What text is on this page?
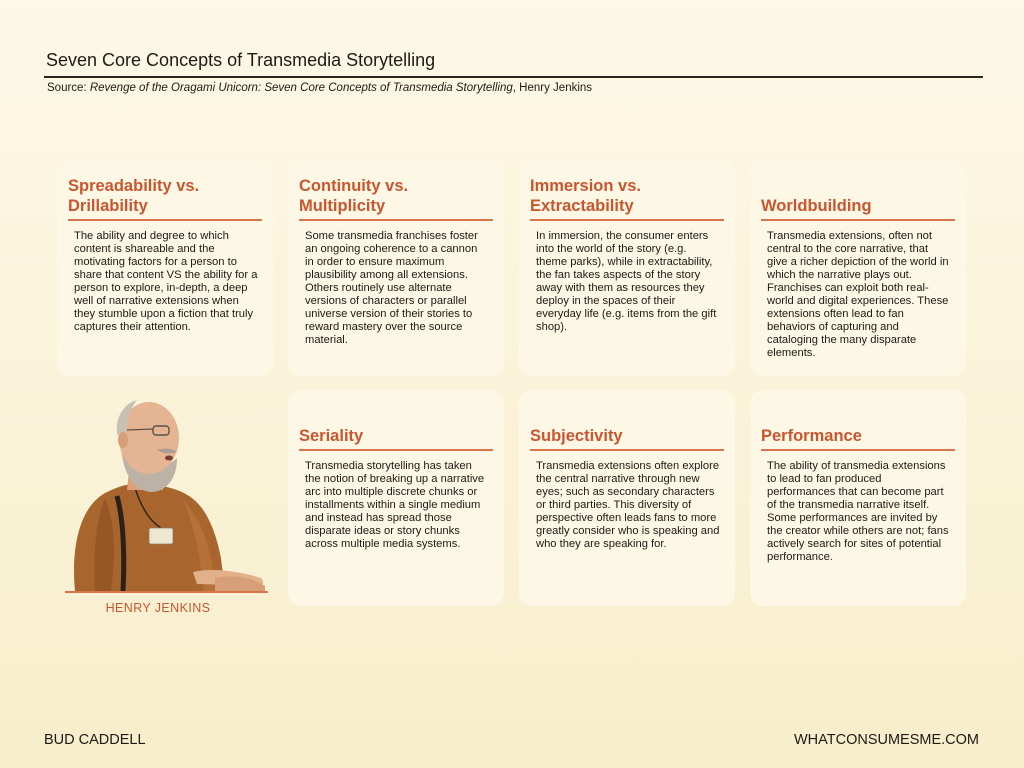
Seven Core Concepts of Transmedia Storytelling
Source: Revenge of the Oragami Unicorn: Seven Core Concepts of Transmedia Storytelling, Henry Jenkins
Spreadability vs. Drillability
The ability and degree to which content is shareable and the motivating factors for a person to share that content VS the ability for a person to explore, in-depth, a deep well of narrative extensions when they stumble upon a fiction that truly captures their attention.
Continuity vs. Multiplicity
Some transmedia franchises foster an ongoing coherence to a cannon in order to ensure maximum plausibility among all extensions. Others routinely use alternate versions of characters or parallel universe version of their stories to reward mastery over the source material.
Immersion vs. Extractability
In immersion, the consumer enters into the world of the story (e.g. theme parks), while in extractability, the fan takes aspects of the story away with them as resources they deploy in the spaces of their everyday life (e.g. items from the gift shop).
Worldbuilding
Transmedia extensions, often not central to the core narrative, that give a richer depiction of the world in which the narrative plays out. Franchises can exploit both real-world and digital experiences. These extensions often lead to fan behaviors of capturing and cataloging the many disparate elements.
Seriality
Transmedia storytelling has taken the notion of breaking up a narrative arc into multiple discrete chunks or installments within a single medium and instead has spread those disparate ideas or story chunks across multiple media systems.
Subjectivity
Transmedia extensions often explore the central narrative through new eyes; such as secondary characters or third parties. This diversity of perspective often leads fans to more greatly consider who is speaking and who they are speaking for.
Performance
The ability of transmedia extensions to lead to fan produced performances that can become part of the transmedia narrative itself. Some performances are invited by the creator while others are not; fans actively search for sites of potential performance.
HENRY JENKINS
BUD CADDELL	WHATCONSUMESME.COM
